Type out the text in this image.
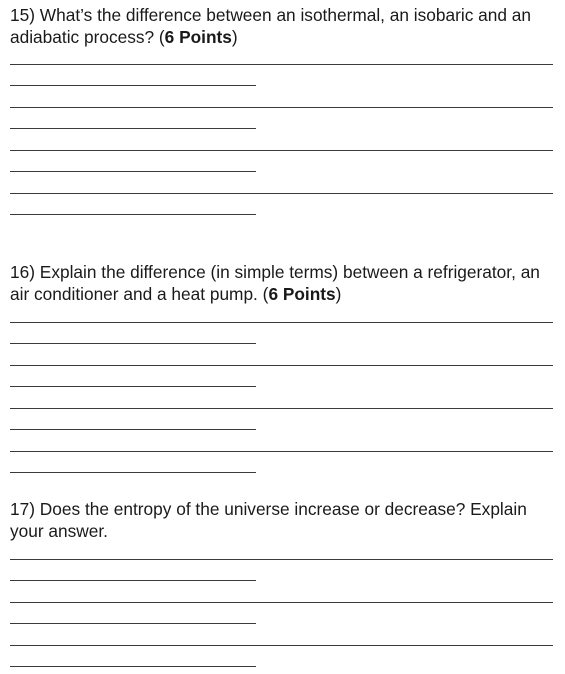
15) What’s the difference between an isothermal, an isobaric and an adiabatic process? (6 Points)

16) Explain the difference (in simple terms) between a refrigerator, an air conditioner and a heat pump. (6 Points)

17) Does the entropy of the universe increase or decrease? Explain your answer.
